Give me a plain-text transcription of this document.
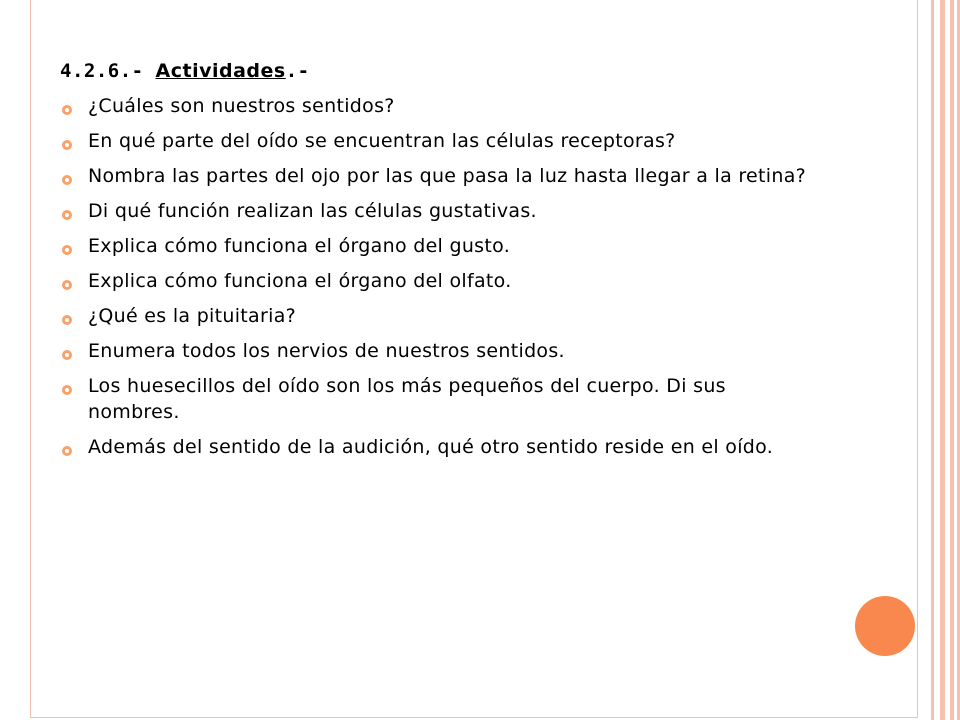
4.2.6.- Actividades.-
¿Cuáles son nuestros sentidos?
En qué parte del oído se encuentran las células receptoras?
Nombra las partes del ojo por las que pasa la luz hasta llegar a la retina?
Di qué función realizan las células gustativas.
Explica cómo funciona el órgano del gusto.
Explica cómo funciona el órgano del olfato.
¿Qué es la pituitaria?
Enumera todos los nervios de nuestros sentidos.
Los huesecillos del oído son los más pequeños del cuerpo. Di sus nombres.
Además del sentido de la audición, qué otro sentido reside en el oído.
